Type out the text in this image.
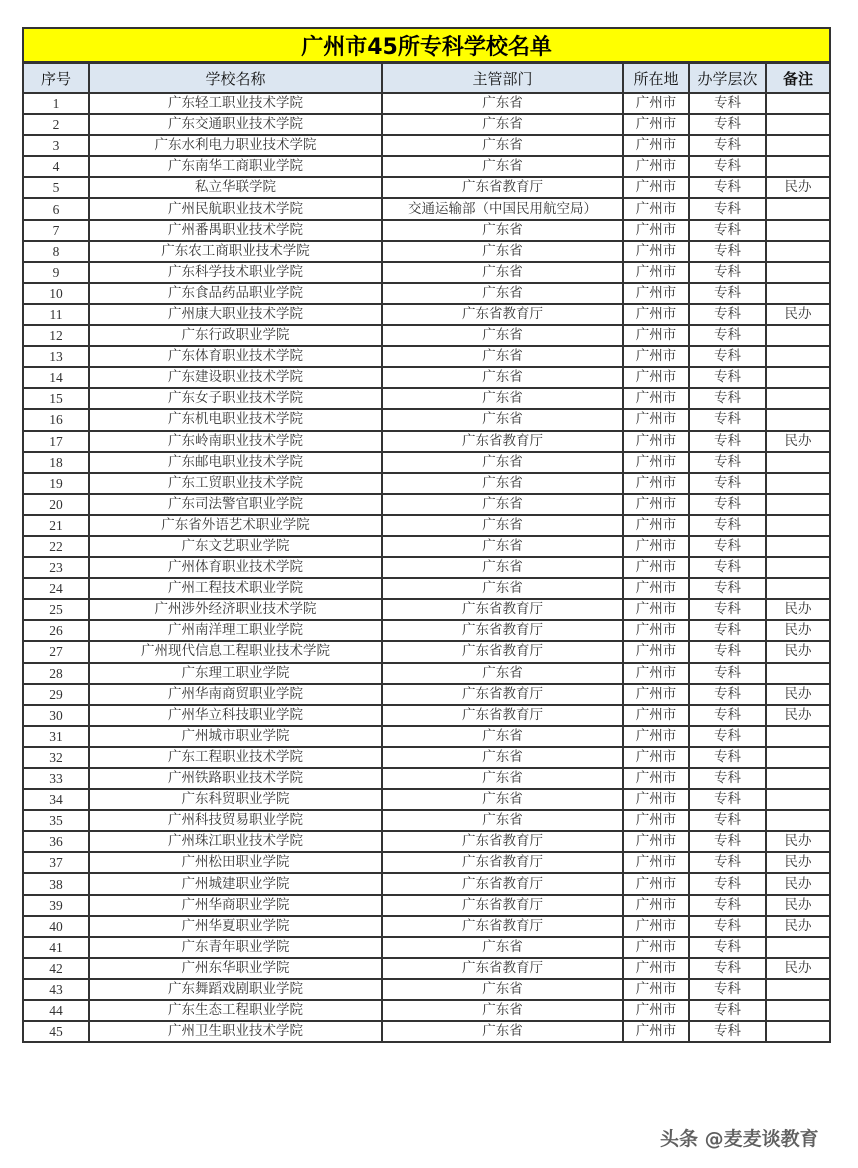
广州市45所专科学校名单					
序号	学校名称	主管部门	所在地	办学层次	备注
1	广东轻工职业技术学院	广东省	广州市	专科	
2	广东交通职业技术学院	广东省	广州市	专科	
3	广东水利电力职业技术学院	广东省	广州市	专科	
4	广东南华工商职业学院	广东省	广州市	专科	
5	私立华联学院	广东省教育厅	广州市	专科	民办
6	广州民航职业技术学院	交通运输部（中国民用航空局）	广州市	专科	
7	广州番禺职业技术学院	广东省	广州市	专科	
8	广东农工商职业技术学院	广东省	广州市	专科	
9	广东科学技术职业学院	广东省	广州市	专科	
10	广东食品药品职业学院	广东省	广州市	专科	
11	广州康大职业技术学院	广东省教育厅	广州市	专科	民办
12	广东行政职业学院	广东省	广州市	专科	
13	广东体育职业技术学院	广东省	广州市	专科	
14	广东建设职业技术学院	广东省	广州市	专科	
15	广东女子职业技术学院	广东省	广州市	专科	
16	广东机电职业技术学院	广东省	广州市	专科	
17	广东岭南职业技术学院	广东省教育厅	广州市	专科	民办
18	广东邮电职业技术学院	广东省	广州市	专科	
19	广东工贸职业技术学院	广东省	广州市	专科	
20	广东司法警官职业学院	广东省	广州市	专科	
21	广东省外语艺术职业学院	广东省	广州市	专科	
22	广东文艺职业学院	广东省	广州市	专科	
23	广州体育职业技术学院	广东省	广州市	专科	
24	广州工程技术职业学院	广东省	广州市	专科	
25	广州涉外经济职业技术学院	广东省教育厅	广州市	专科	民办
26	广州南洋理工职业学院	广东省教育厅	广州市	专科	民办
27	广州现代信息工程职业技术学院	广东省教育厅	广州市	专科	民办
28	广东理工职业学院	广东省	广州市	专科	
29	广州华南商贸职业学院	广东省教育厅	广州市	专科	民办
30	广州华立科技职业学院	广东省教育厅	广州市	专科	民办
31	广州城市职业学院	广东省	广州市	专科	
32	广东工程职业技术学院	广东省	广州市	专科	
33	广州铁路职业技术学院	广东省	广州市	专科	
34	广东科贸职业学院	广东省	广州市	专科	
35	广州科技贸易职业学院	广东省	广州市	专科	
36	广州珠江职业技术学院	广东省教育厅	广州市	专科	民办
37	广州松田职业学院	广东省教育厅	广州市	专科	民办
38	广州城建职业学院	广东省教育厅	广州市	专科	民办
39	广州华商职业学院	广东省教育厅	广州市	专科	民办
40	广州华夏职业学院	广东省教育厅	广州市	专科	民办
41	广东青年职业学院	广东省	广州市	专科	
42	广州东华职业学院	广东省教育厅	广州市	专科	民办
43	广东舞蹈戏剧职业学院	广东省	广州市	专科	
44	广东生态工程职业学院	广东省	广州市	专科	
45	广州卫生职业技术学院	广东省	广州市	专科	
头条 @麦麦谈教育
